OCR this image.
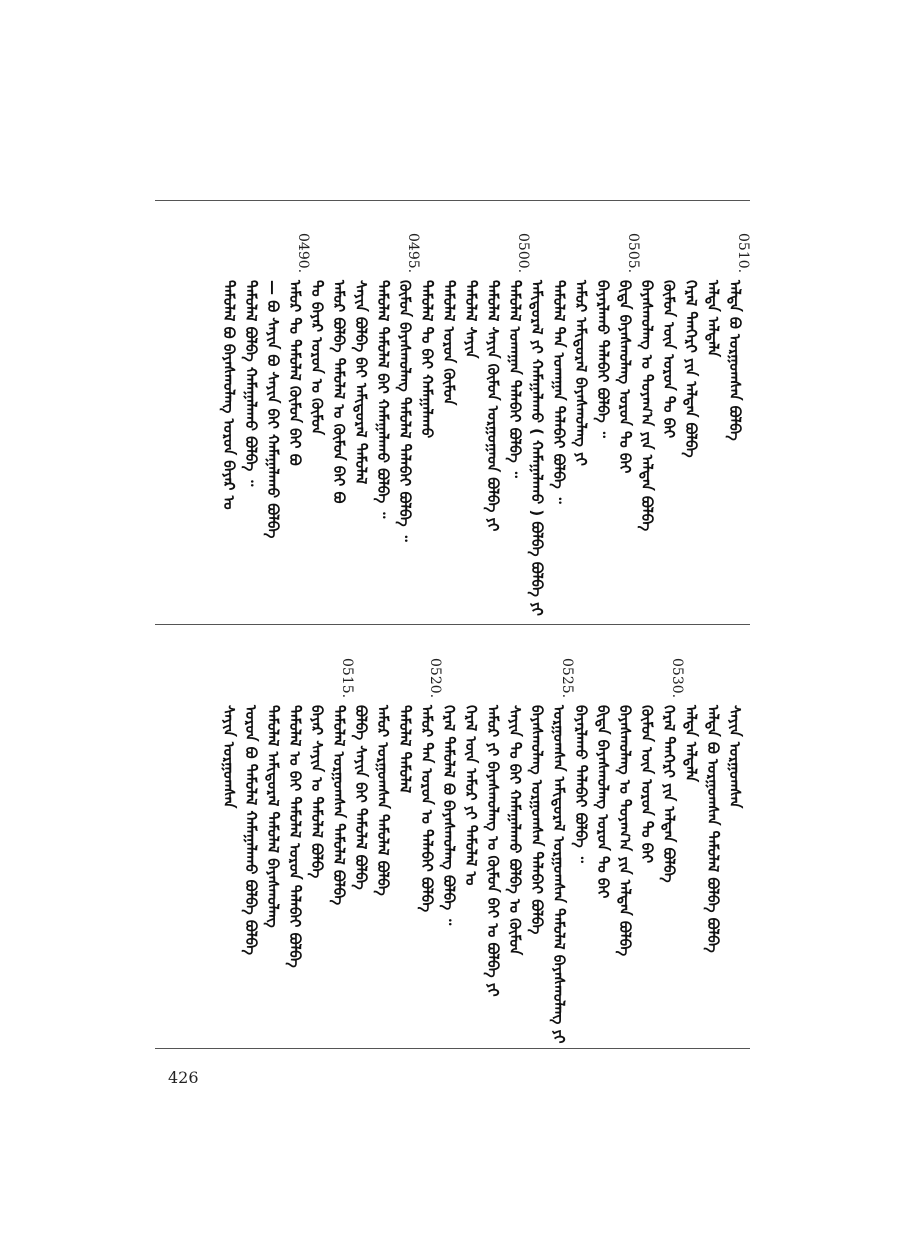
0510.
ᠠᠯᠲᠠ ᠪᠣ ᠤᠷᠭᠤᠭᠰᠠᠨ ᠪᠣᠯᠪᠠ
ᠠᠯᠲᠠ ᠠᠯᠲᠠᠯᠠ
ᠭᠡᠷᠡᠯ ᠲᠡᠨᠭᠡᠷᠢ ᠶᠢᠨ ᠠᠯᠲᠠᠨ ᠪᠣᠯᠪᠠ
ᠬᠦᠮᠦᠨ ᠦᠨ ᠤᠷᠤᠨ ᠲᠤ ᠪᠠᠢ
ᠪᠠᠶᠠᠰᠬᠤᠯᠠᠩ ᠤ ᠲᠤᠶᠠᠭ᠎ᠠ ᠶᠢᠨ ᠠᠯᠲᠠᠨ ᠪᠣᠯᠪᠠ
0505.
ᠪᠢᠳᠡ ᠪᠠᠶᠠᠰᠬᠤᠯᠠᠩ ᠤᠷᠤᠨ ᠲᠤ ᠪᠠᠢ
ᠪᠠᠶᠠᠷᠯᠠᠬᠤ ᠲᠠᠯᠠᠪᠠᠢ ᠪᠣᠯᠪᠠ ᠃
ᠠᠮᠤᠷ ᠠᠮᠢᠳᠤᠷᠠᠯ ᠪᠠᠶᠠᠰᠬᠤᠯᠠᠩ ᠶᠢ
ᠲᠡᠮᠦᠯᠡᠯ ᠲᠠᠨ ᠤᠬᠠᠭᠠᠨ ᠲᠠᠯᠠᠪᠠᠢ ᠪᠣᠯᠪᠠ ᠃
ᠠᠮᠢᠳᠤᠷᠠᠯ ᠶᠢ ᠬᠠᠮᠠᠭᠠᠯᠠᠬᠤ ( ᠬᠠᠮᠠᠭᠠᠯᠠᠬᠤ ) ᠪᠣᠯᠪᠠ ᠪᠣᠯᠪᠠ ᠶᠢ
0500.
ᠲᠡᠮᠦᠯᠡᠯ ᠤᠬᠠᠭᠠᠨ ᠲᠠᠯᠠᠪᠠᠢ ᠪᠣᠯᠪᠠ ᠃
ᠲᠡᠮᠦᠯᠡᠯ ᠰᠠᠶᠢᠨ ᠬᠦᠮᠦᠨ ᠤᠷᠭᠤᠭᠠᠳ ᠪᠣᠯᠪᠠ ᠶᠢ
ᠲᠡᠮᠦᠯᠡᠯ ᠰᠠᠶᠢᠨ
ᠲᠡᠮᠦᠯᠡᠯ ᠤᠷᠤᠨ ᠬᠦᠮᠦᠨ
ᠲᠡᠮᠦᠯᠡᠯ ᠲᠤ ᠪᠠᠢ ᠬᠠᠮᠠᠭᠠᠯᠠᠬᠤ
0495.
ᠬᠦᠮᠦᠨ ᠪᠠᠶᠠᠰᠬᠤᠯᠠᠩ ᠲᠡᠮᠦᠯᠡᠯ ᠲᠠᠯᠠᠪᠠᠢ ᠪᠣᠯᠪᠠ ᠃
ᠲᠡᠮᠦᠯᠡᠯ ᠲᠡᠮᠦᠯᠡᠯ ᠪᠠᠢ ᠬᠠᠮᠠᠭᠠᠯᠠᠬᠤ ᠪᠣᠯᠪᠠ ᠃
ᠰᠠᠶᠢᠨ ᠪᠣᠯᠪᠠ ᠪᠠᠢ ᠠᠮᠢᠳᠤᠷᠠᠯ ᠲᠡᠮᠦᠯᠡᠯ
ᠠᠮᠤᠷ ᠪᠣᠯᠪᠠ ᠲᠡᠮᠦᠯᠡᠯ ᠤ ᠬᠦᠮᠦᠨ ᠪᠠᠢ ᠪᠣ
ᠲᠤ ᠪᠠᠶᠠᠷ ᠤᠷᠤᠨ ᠤ ᠬᠦᠮᠦᠨ
0490.
ᠠᠮᠤᠷ ᠲᠤ ᠲᠡᠮᠦᠯᠡᠯ ᠬᠦᠮᠦᠨ ᠪᠠᠢ ᠪᠣ
— ᠪᠣ ᠰᠠᠶᠢᠨ ᠪᠣ ᠰᠠᠶᠢᠨ ᠪᠠᠢ ᠬᠠᠮᠠᠭᠠᠯᠠᠬᠤ ᠪᠣᠯᠪᠠ
ᠲᠡᠮᠦᠯᠡᠯ ᠪᠣᠯᠪᠠ ᠬᠠᠮᠠᠭᠠᠯᠠᠬᠤ ᠪᠣᠯᠪᠠ ᠃
ᠲᠡᠮᠦᠯᠡᠯ ᠪᠣ ᠪᠠᠶᠠᠰᠬᠤᠯᠠᠩ ᠤᠷᠤᠨ ᠪᠠᠶᠠᠷ ᠤ
ᠰᠠᠶᠢᠨ ᠤᠷᠭᠤᠭᠰᠠᠨ
ᠠᠯᠲᠠ ᠪᠣ ᠤᠷᠭᠤᠭᠰᠠᠨ ᠲᠡᠮᠦᠯᠡᠯ ᠪᠣᠯᠪᠠ ᠪᠣᠯᠪᠠ
ᠠᠯᠲᠠ ᠠᠯᠲᠠᠯᠠ
0530.
ᠭᠡᠷᠡᠯ ᠲᠡᠨᠭᠡᠷᠢ ᠶᠢᠨ ᠠᠯᠲᠠᠨ ᠪᠣᠯᠪᠠ
ᠬᠦᠮᠦᠨ ᠦᠨ ᠤᠷᠤᠨ ᠲᠤ ᠪᠠᠢ
ᠪᠠᠶᠠᠰᠬᠤᠯᠠᠩ ᠤ ᠲᠤᠶᠠᠭ᠎ᠠ ᠶᠢᠨ ᠠᠯᠲᠠᠨ ᠪᠣᠯᠪᠠ
ᠪᠢᠳᠡ ᠪᠠᠶᠠᠰᠬᠤᠯᠠᠩ ᠤᠷᠤᠨ ᠲᠤ ᠪᠠᠢ
ᠪᠠᠶᠠᠷᠯᠠᠬᠤ ᠲᠠᠯᠠᠪᠠᠢ ᠪᠣᠯᠪᠠ ᠃
0525.
ᠤᠷᠭᠤᠭᠰᠠᠨ ᠠᠮᠢᠳᠤᠷᠠᠯ ᠤᠷᠭᠤᠭᠰᠠᠨ ᠲᠡᠮᠦᠯᠡᠯ ᠪᠠᠶᠠᠰᠬᠤᠯᠠᠩ ᠶᠢ
ᠪᠠᠶᠠᠰᠬᠤᠯᠠᠩ ᠤᠷᠭᠤᠭᠰᠠᠨ ᠲᠠᠯᠠᠪᠠᠢ ᠪᠣᠯᠪᠠ
ᠰᠠᠶᠢᠨ ᠲᠤ ᠪᠠᠢ ᠬᠠᠮᠠᠭᠠᠯᠠᠬᠤ ᠪᠣᠯᠪᠠ ᠤ ᠬᠦᠮᠦᠨ
ᠠᠮᠤᠷ ᠶᠢ ᠪᠠᠶᠠᠰᠬᠤᠯᠠᠩ ᠤ ᠬᠦᠮᠦᠨ ᠪᠠᠢ ᠤ ᠪᠣᠯᠪᠠ ᠶᠢ
ᠭᠡᠷᠡᠯ ᠦᠨ ᠠᠮᠤᠷ ᠶᠢ ᠲᠡᠮᠦᠯᠡᠯ ᠤ
ᠭᠡᠷᠡᠯ ᠲᠡᠮᠦᠯᠡᠯ ᠪᠣ ᠪᠠᠶᠠᠰᠬᠤᠯᠠᠩ ᠪᠣᠯᠪᠠ ᠃
0520.
ᠠᠮᠤᠷ ᠲᠠᠨ ᠤᠷᠤᠨ ᠤ ᠲᠠᠯᠠᠪᠠᠢ ᠪᠣᠯᠪᠠ
ᠲᠡᠮᠦᠯᠡᠯ ᠲᠡᠮᠦᠯᠡᠯ
ᠠᠮᠤᠷ ᠤᠷᠭᠤᠭᠰᠠᠨ ᠲᠡᠮᠦᠯᠡᠯ ᠪᠣᠯᠪᠠ
ᠪᠣᠯᠪᠠ ᠰᠠᠶᠢᠨ ᠪᠠᠢ ᠲᠡᠮᠦᠯᠡᠯ ᠪᠣᠯᠪᠠ
0515.
ᠲᠡᠮᠦᠯᠡᠯ ᠤᠷᠭᠤᠭᠰᠠᠨ ᠲᠡᠮᠦᠯᠡᠯ ᠪᠣᠯᠪᠠ
ᠪᠠᠶᠠᠷ ᠰᠠᠶᠢᠨ ᠤ ᠲᠡᠮᠦᠯᠡᠯ ᠪᠣᠯᠪᠠ
ᠲᠡᠮᠦᠯᠡᠯ ᠤ ᠪᠠᠢ ᠲᠡᠮᠦᠯᠡᠯ ᠤᠷᠤᠨ ᠲᠠᠯᠠᠪᠠᠢ ᠪᠣᠯᠪᠠ
ᠲᠡᠮᠦᠯᠡᠯ ᠠᠮᠢᠳᠤᠷᠠᠯ ᠲᠡᠮᠦᠯᠡᠯ ᠪᠠᠶᠠᠰᠬᠤᠯᠠᠩ
ᠤᠷᠤᠨ ᠪᠣ ᠲᠡᠮᠦᠯᠡᠯ ᠬᠠᠮᠠᠭᠠᠯᠠᠬᠤ ᠪᠣᠯᠪᠠ ᠪᠣᠯᠪᠠ
ᠰᠠᠶᠢᠨ ᠤᠷᠭᠤᠭᠰᠠᠨ
426
